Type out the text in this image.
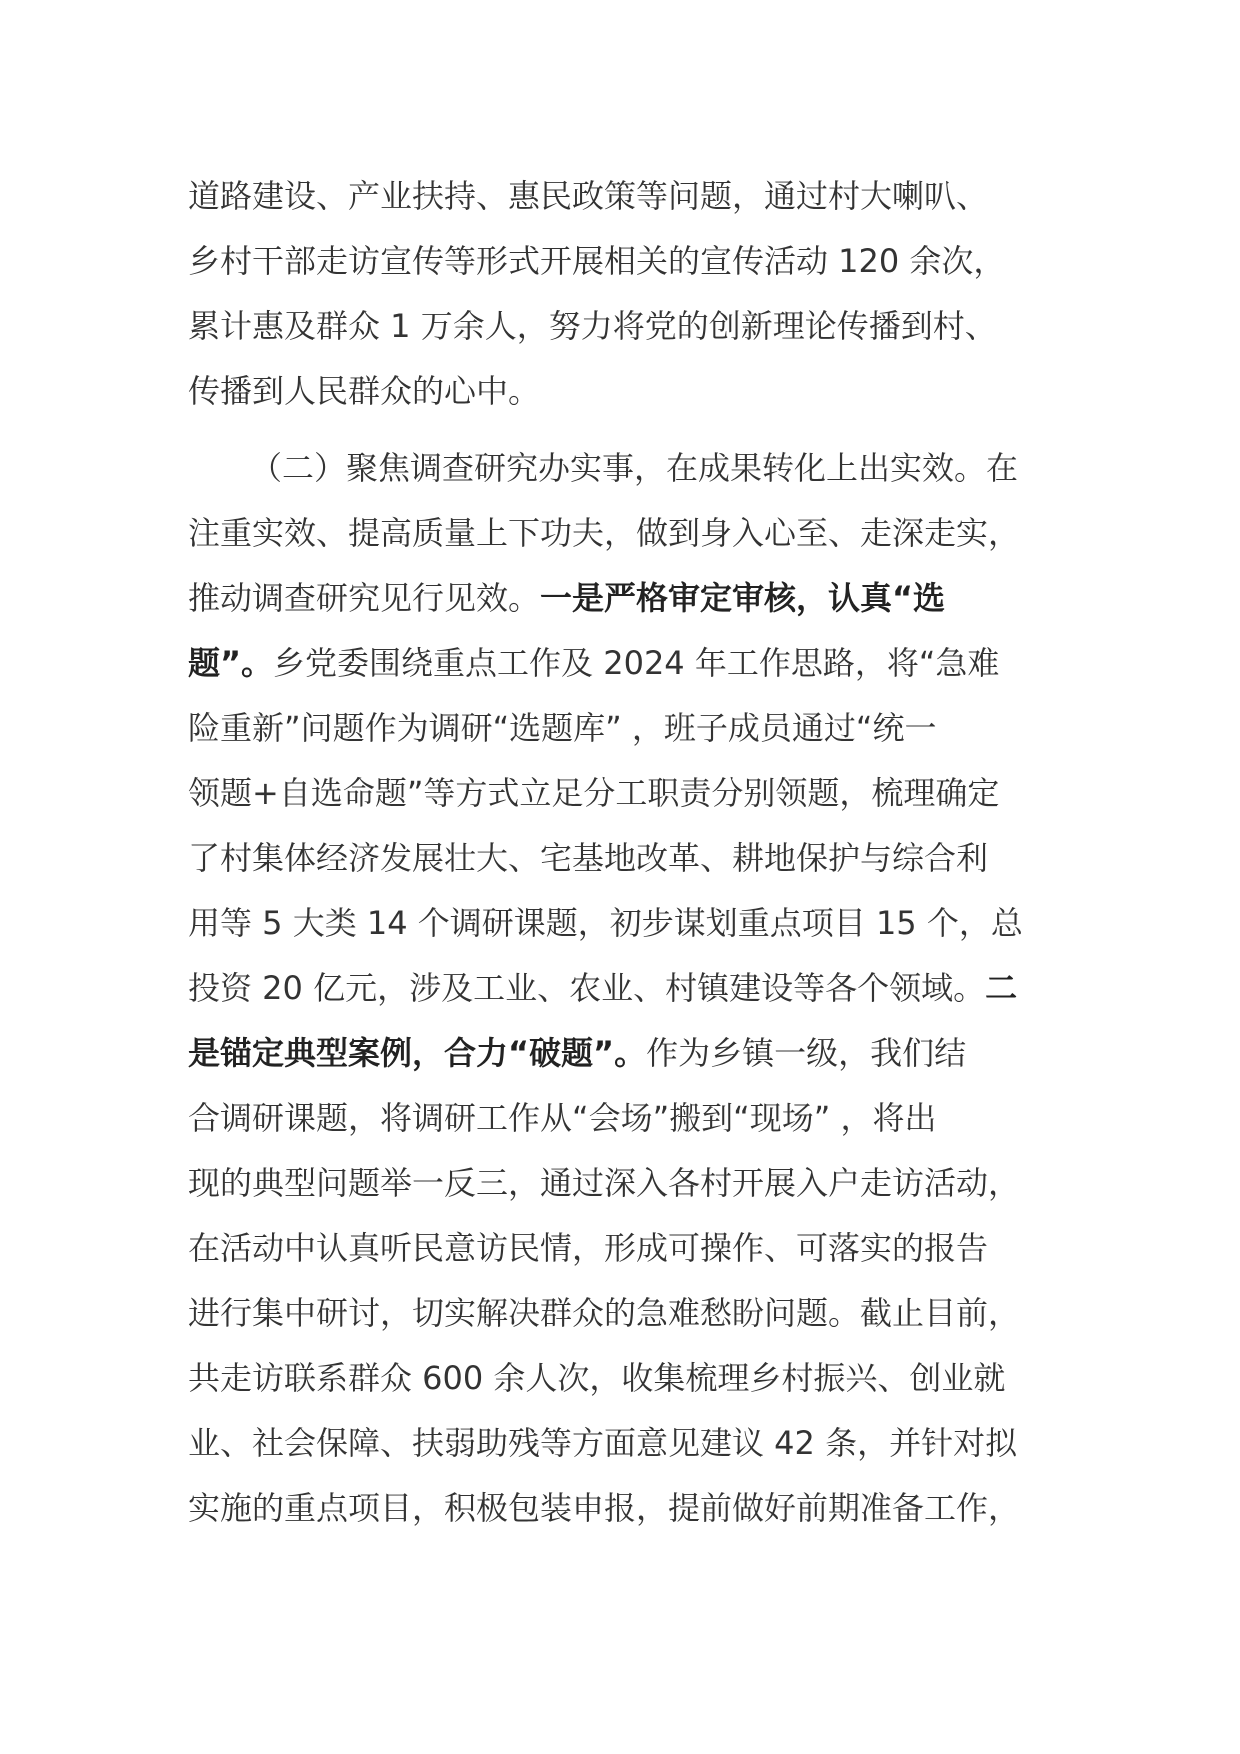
道路建设、产业扶持、惠民政策等问题，通过村大喇叭、
乡村干部走访宣传等形式开展相关的宣传活动 120 余次，
累计惠及群众 1 万余人，努力将党的创新理论传播到村、
传播到人民群众的心中。
（二）聚焦调查研究办实事，在成果转化上出实效。在
注重实效、提高质量上下功夫，做到身入心至、走深走实，
推动调查研究见行见效。一是严格审定审核，认真“选
题”。乡党委围绕重点工作及 2024 年工作思路，将“急难
险重新”问题作为调研“选题库” ，班子成员通过“统一
领题+自选命题”等方式立足分工职责分别领题，梳理确定
了村集体经济发展壮大、宅基地改革、耕地保护与综合利
用等 5 大类 14 个调研课题，初步谋划重点项目 15 个，总
投资 20 亿元，涉及工业、农业、村镇建设等各个领域。二
是锚定典型案例，合力“破题”。作为乡镇一级，我们结
合调研课题，将调研工作从“会场”搬到“现场” ，将出
现的典型问题举一反三，通过深入各村开展入户走访活动，
在活动中认真听民意访民情，形成可操作、可落实的报告
进行集中研讨，切实解决群众的急难愁盼问题。截止目前，
共走访联系群众 600 余人次，收集梳理乡村振兴、创业就
业、社会保障、扶弱助残等方面意见建议 42 条，并针对拟
实施的重点项目，积极包装申报，提前做好前期准备工作，
